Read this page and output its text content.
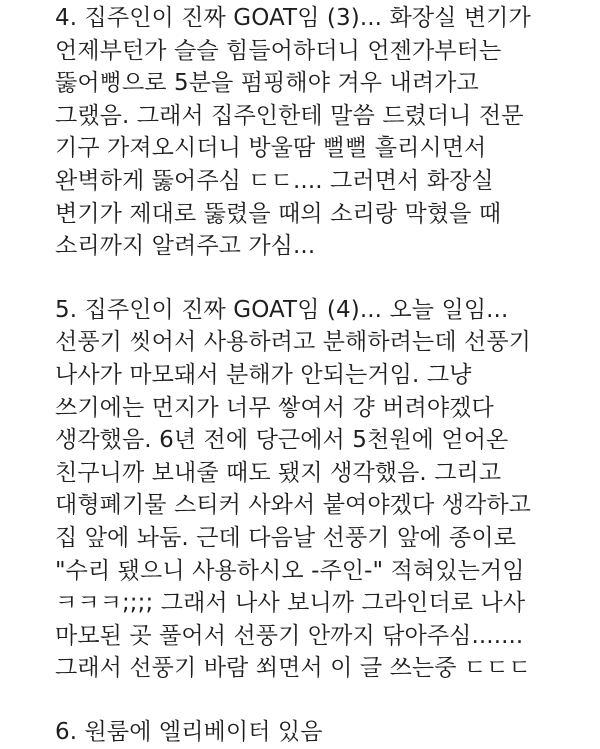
4. 집주인이 진짜 GOAT임 (3)... 화장실 변기가
언제부턴가 슬슬 힘들어하더니 언젠가부터는
뚫어뻥으로 5분을 펌핑해야 겨우 내려가고
그랬음. 그래서 집주인한테 말씀 드렸더니 전문
기구 가져오시더니 방울땀 뻘뻘 흘리시면서
완벽하게 뚫어주심 ㄷㄷ.... 그러면서 화장실
변기가 제대로 뚫렸을 때의 소리랑 막혔을 때
소리까지 알려주고 가심...
5. 집주인이 진짜 GOAT임 (4)... 오늘 일임...
선풍기 씻어서 사용하려고 분해하려는데 선풍기
나사가 마모돼서 분해가 안되는거임. 그냥
쓰기에는 먼지가 너무 쌓여서 걍 버려야겠다
생각했음. 6년 전에 당근에서 5천원에 얻어온
친구니까 보내줄 때도 됐지 생각했음. 그리고
대형폐기물 스티커 사와서 붙여야겠다 생각하고
집 앞에 놔둠. 근데 다음날 선풍기 앞에 종이로
"수리 됐으니 사용하시오 -주인-" 적혀있는거임
ㅋㅋㅋ;;;; 그래서 나사 보니까 그라인더로 나사
마모된 곳 풀어서 선풍기 안까지 닦아주심.......
그래서 선풍기 바람 쐬면서 이 글 쓰는중 ㄷㄷㄷ
6. 원룸에 엘리베이터 있음
